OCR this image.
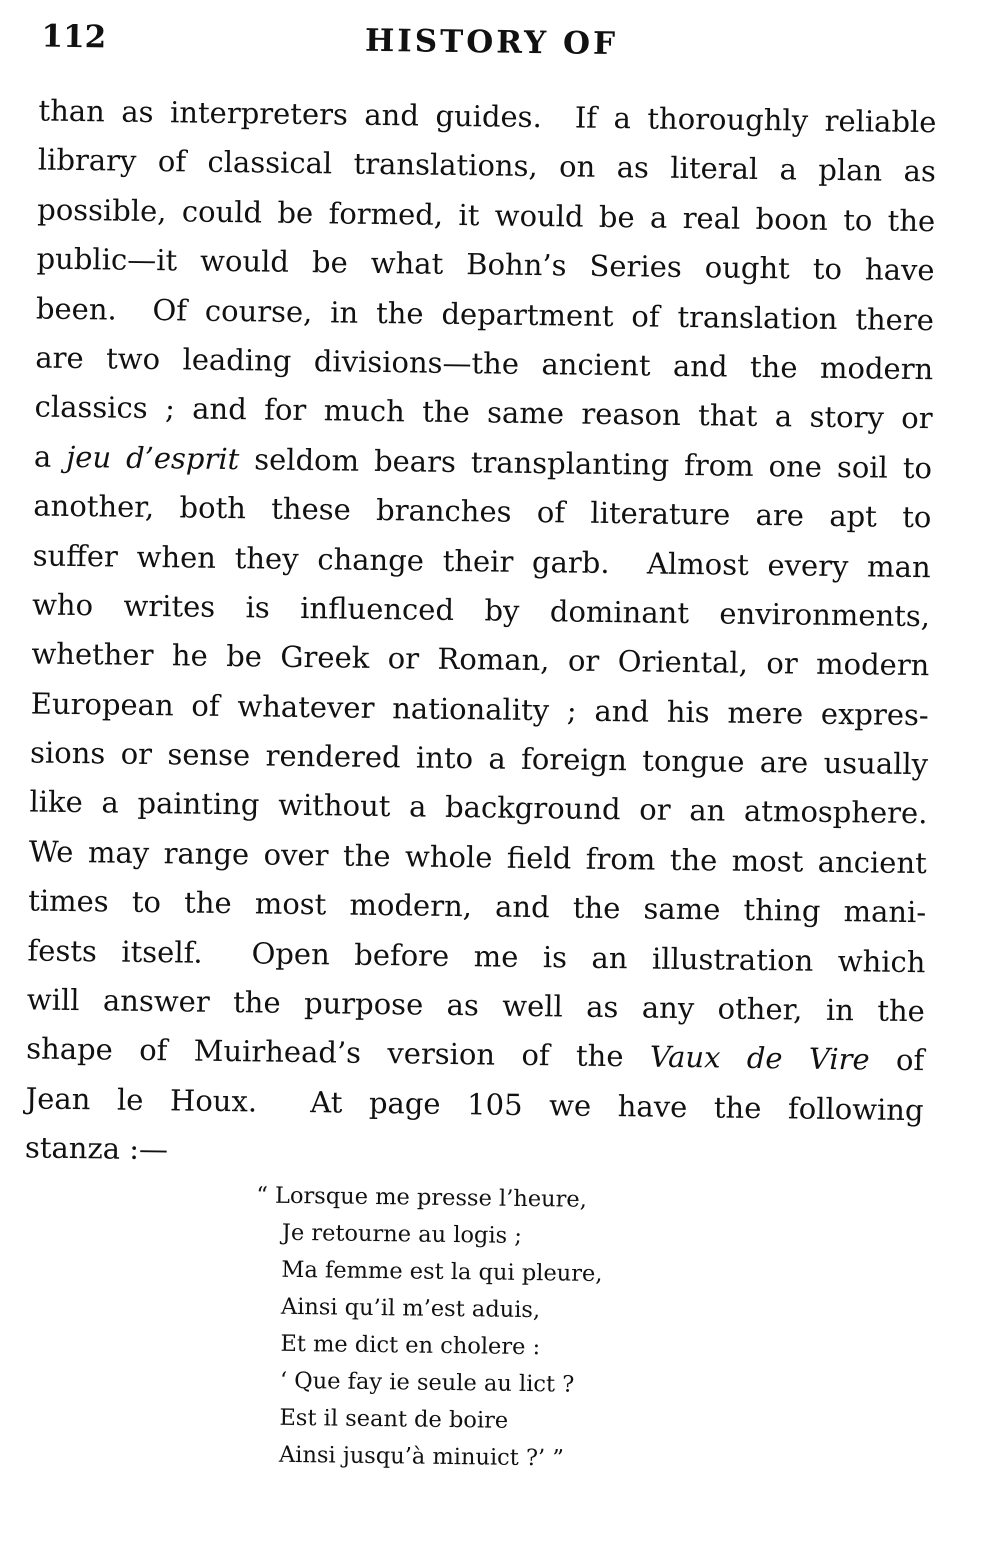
112	HISTORY OF
than as interpreters and guides.  If a thoroughly reliable
library of classical translations, on as literal a plan as
possible, could be formed, it would be a real boon to the
public—it would be what Bohn’s Series ought to have
been.  Of course, in the department of translation there
are two leading divisions—the ancient and the modern
classics ; and for much the same reason that a story or
a jeu d’esprit seldom bears transplanting from one soil to
another, both these branches of literature are apt to
suffer when they change their garb.  Almost every man
who writes is influenced by dominant environments,
whether he be Greek or Roman, or Oriental, or modern
European of whatever nationality ; and his mere expres-
sions or sense rendered into a foreign tongue are usually
like a painting without a background or an atmosphere.
We may range over the whole field from the most ancient
times to the most modern, and the same thing mani-
fests itself.  Open before me is an illustration which
will answer the purpose as well as any other, in the
shape of Muirhead’s version of the Vaux de Vire of
Jean le Houx.  At page 105 we have the following
stanza :—
“ Lorsque me presse l’heure,
Je retourne au logis ;
Ma femme est la qui pleure,
Ainsi qu’il m’est aduis,
Et me dict en cholere :
‘ Que fay ie seule au lict ?
Est il seant de boire
Ainsi jusqu’à minuict ?’ ”
